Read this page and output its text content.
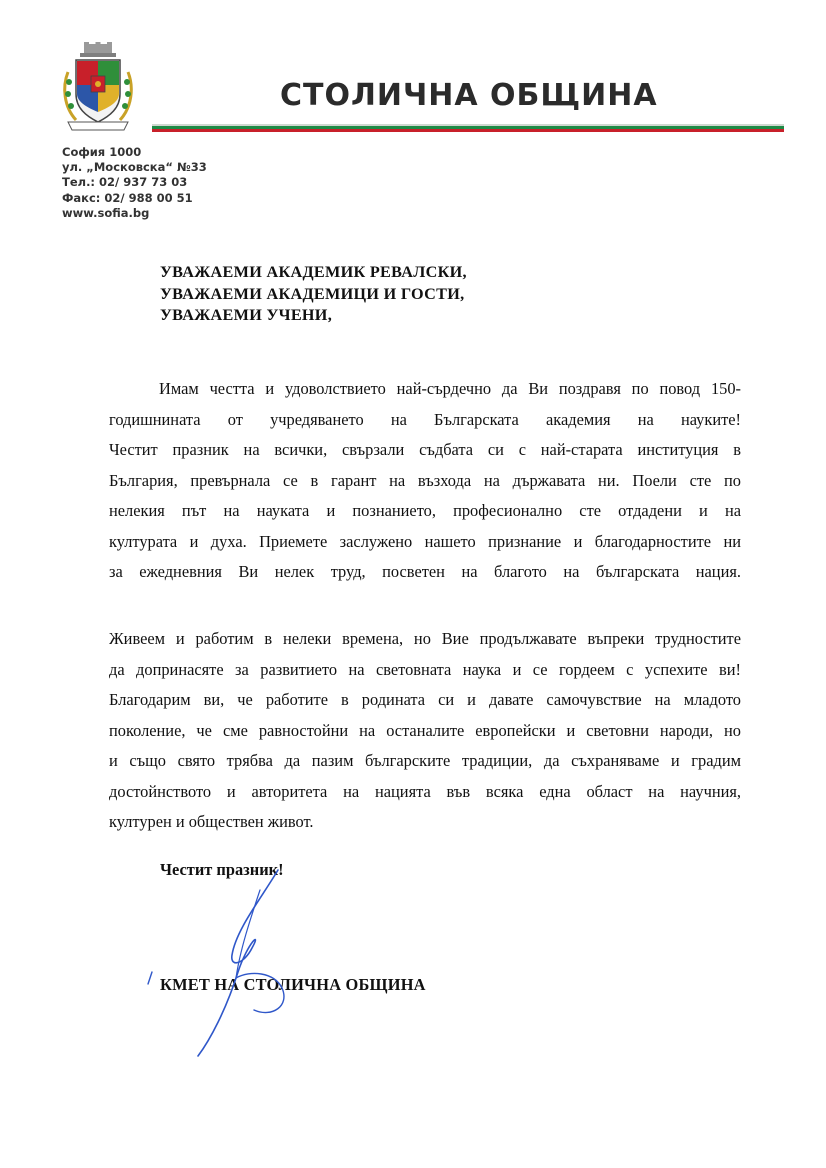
СТОЛИЧНА ОБЩИНА
София 1000
ул. „Московска“ №33
Тел.: 02/ 937 73 03
Факс: 02/ 988 00 51
www.sofia.bg
УВАЖАЕМИ АКАДЕМИК РЕВАЛСКИ,
УВАЖАЕМИ АКАДЕМИЦИ И ГОСТИ,
УВАЖАЕМИ УЧЕНИ,
Имам честта и удоволствието най-сърдечно да Ви поздравя по повод 150-
годишнината от учредяването на Българската академия на науките!
Честит празник на всички, свързали съдбата си с най-старата институция в
България, превърнала се в гарант на възхода на държавата ни. Поели сте по
нелекия път на науката и познанието, професионално сте отдадени и на
културата и духа. Приемете заслужено нашето признание и благодарностите ни
за ежедневния Ви нелек труд, посветен на благото на българската нация.
Живеем и работим в нелеки времена, но Вие продължавате въпреки трудностите
да допринасяте за развитието на световната наука и се гордеем с успехите ви!
Благодарим ви, че работите в родината си и давате самочувствие на младото
поколение, че сме равностойни на останалите европейски и световни народи, но
и също свято трябва да пазим българските традиции, да съхраняваме и градим
достойнството и авторитета на нацията във всяка една област на научния,
културен и обществен живот.
Честит празник!
КМЕТ НА СТОЛИЧНА ОБЩИНА
